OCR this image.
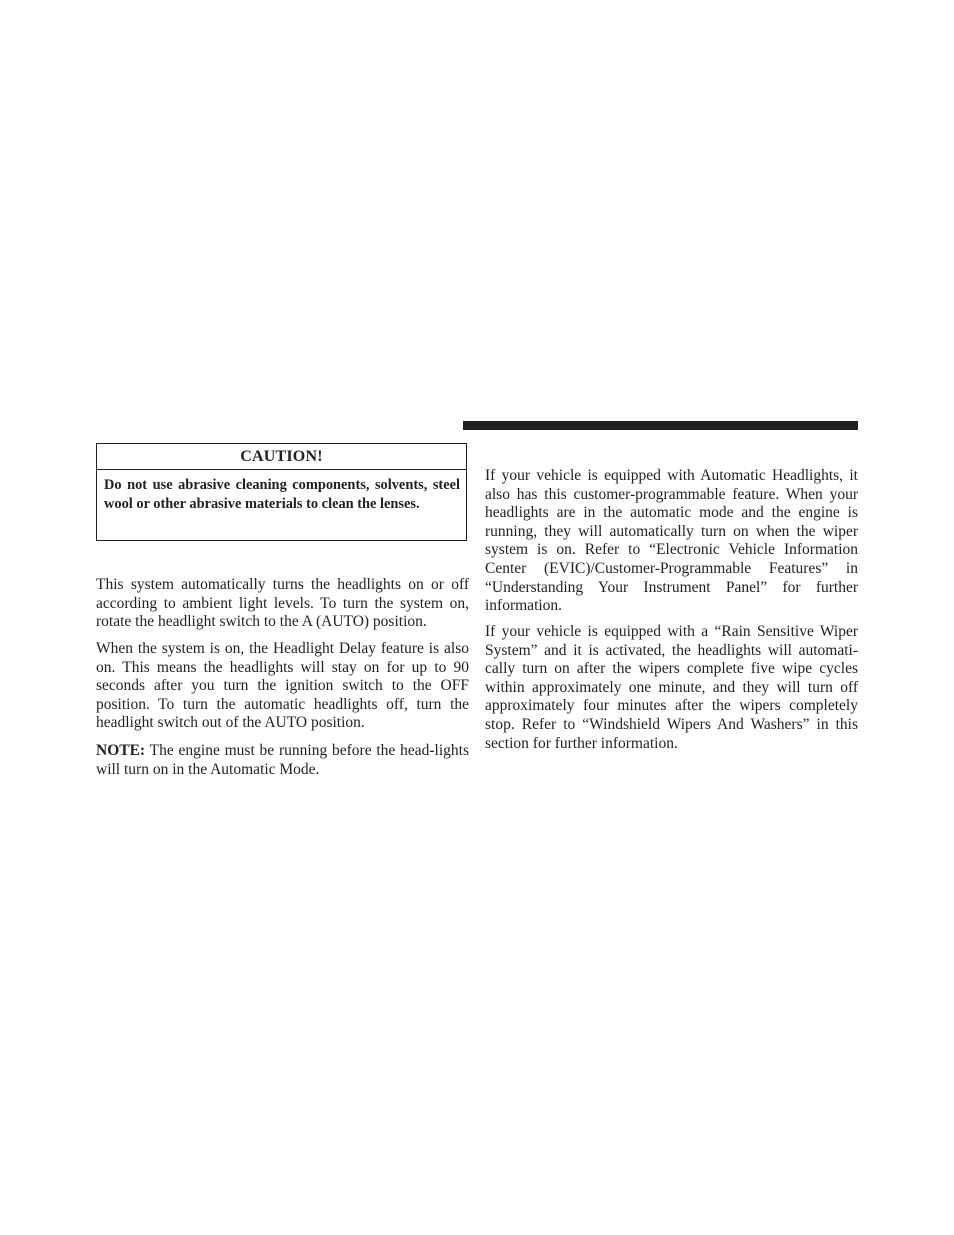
CAUTION!
Do not use abrasive cleaning components, solvents, steel wool or other abrasive materials to clean the lenses.

This system automatically turns the headlights on or off according to ambient light levels. To turn the system on, rotate the headlight switch to the A (AUTO) position.

When the system is on, the Headlight Delay feature is also on. This means the headlights will stay on for up to 90 seconds after you turn the ignition switch to the OFF position. To turn the automatic headlights off, turn the headlight switch out of the AUTO position.

NOTE: The engine must be running before the head-lights will turn on in the Automatic Mode.

If your vehicle is equipped with Automatic Headlights, it also has this customer-programmable feature. When your headlights are in the automatic mode and the engine is running, they will automatically turn on when the wiper system is on. Refer to “Electronic Vehicle Information Center (EVIC)/Customer-Programmable Features” in “Understanding Your Instrument Panel” for further information.

If your vehicle is equipped with a “Rain Sensitive Wiper System” and it is activated, the headlights will automati-cally turn on after the wipers complete five wipe cycles within approximately one minute, and they will turn off approximately four minutes after the wipers completely stop. Refer to “Windshield Wipers And Washers” in this section for further information.
